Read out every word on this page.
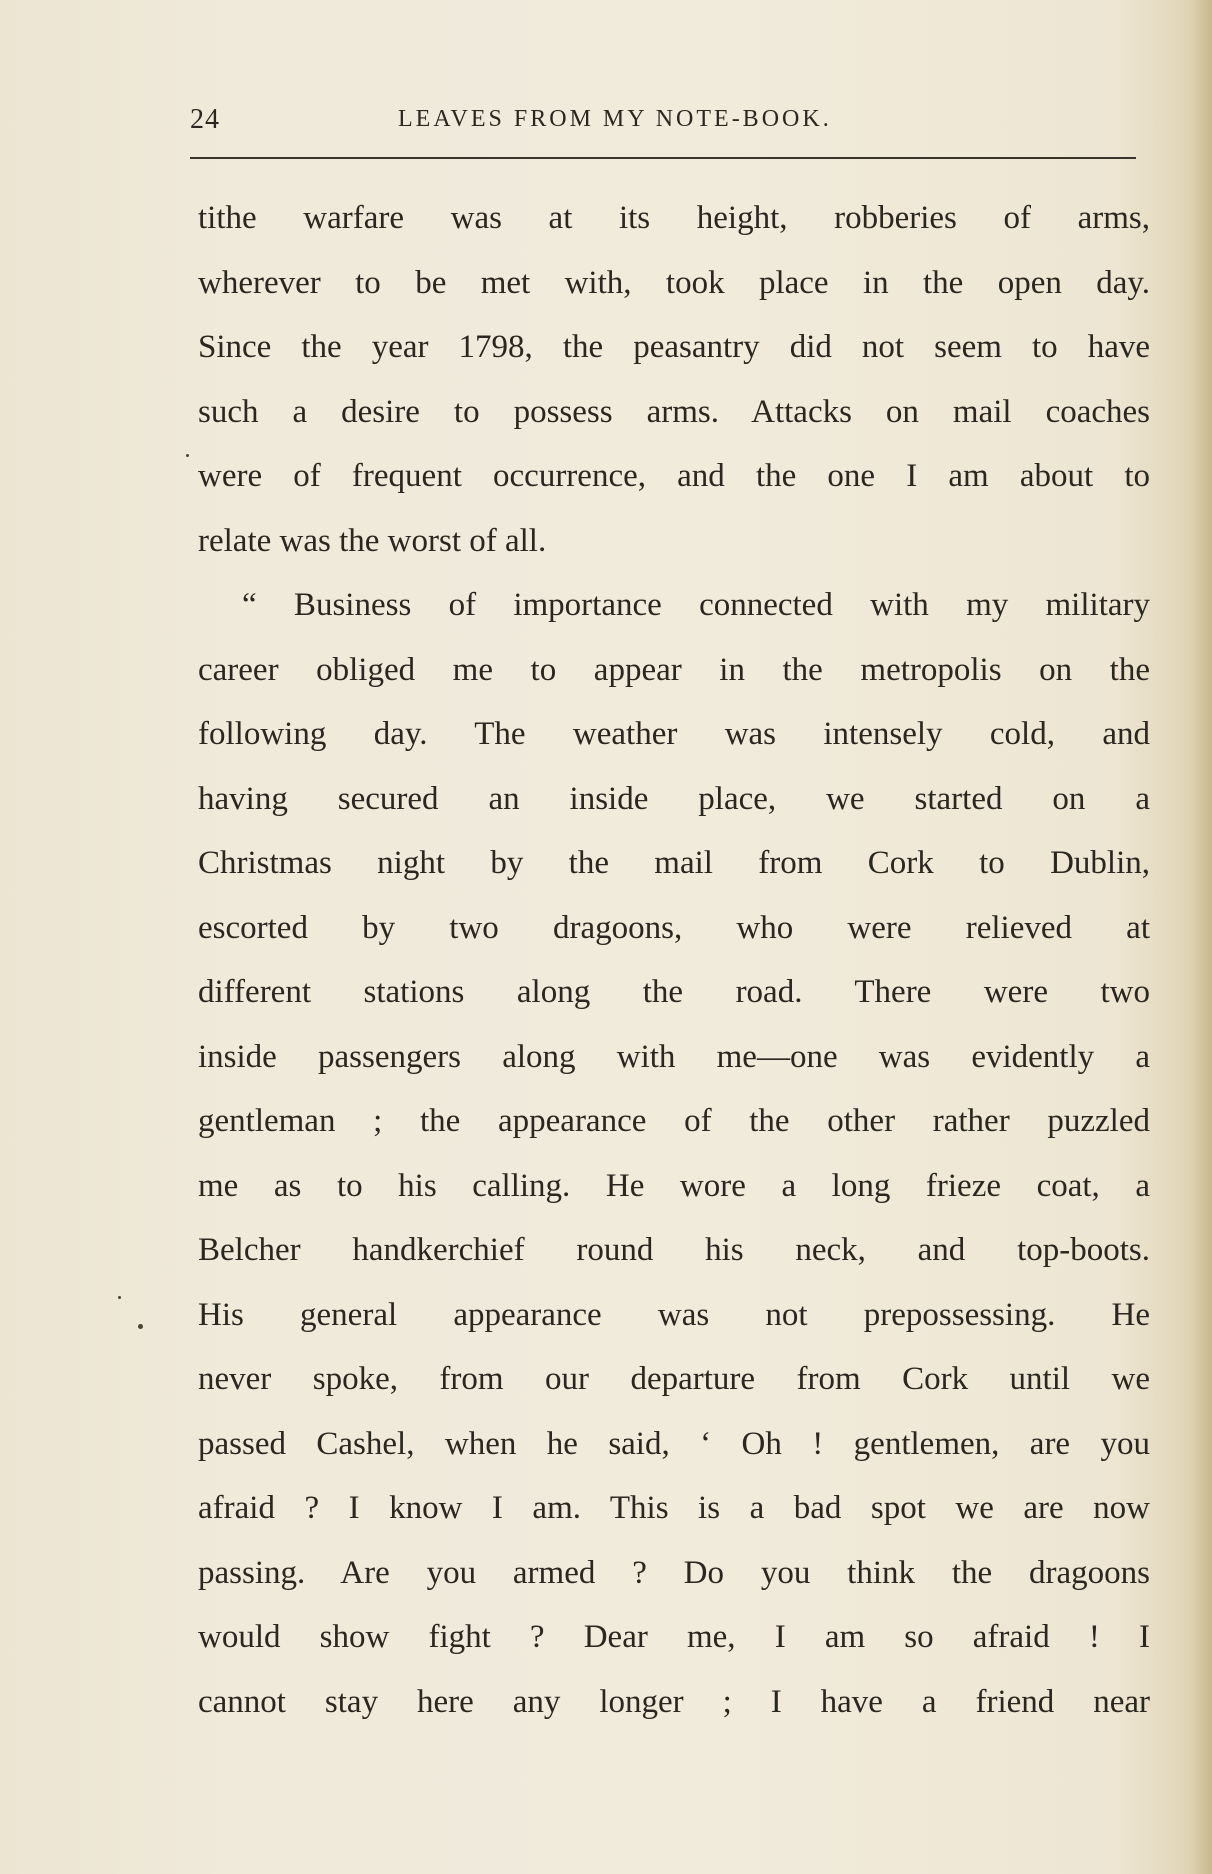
24	LEAVES FROM MY NOTE-BOOK.
tithe warfare was at its height, robberies of arms,
wherever to be met with, took place in the open day.
Since the year 1798, the peasantry did not seem to have
such a desire to possess arms. Attacks on mail coaches
were of frequent occurrence, and the one I am about to
relate was the worst of all.
“ Business of importance connected with my military
career obliged me to appear in the metropolis on the
following day. The weather was intensely cold, and
having secured an inside place, we started on a
Christmas night by the mail from Cork to Dublin,
escorted by two dragoons, who were relieved at
different stations along the road. There were two
inside passengers along with me—one was evidently a
gentleman ; the appearance of the other rather puzzled
me as to his calling. He wore a long frieze coat, a
Belcher handkerchief round his neck, and top-boots.
His general appearance was not prepossessing. He
never spoke, from our departure from Cork until we
passed Cashel, when he said, ‘ Oh ! gentlemen, are you
afraid ? I know I am. This is a bad spot we are now
passing. Are you armed ? Do you think the dragoons
would show fight ? Dear me, I am so afraid ! I
cannot stay here any longer ; I have a friend near
